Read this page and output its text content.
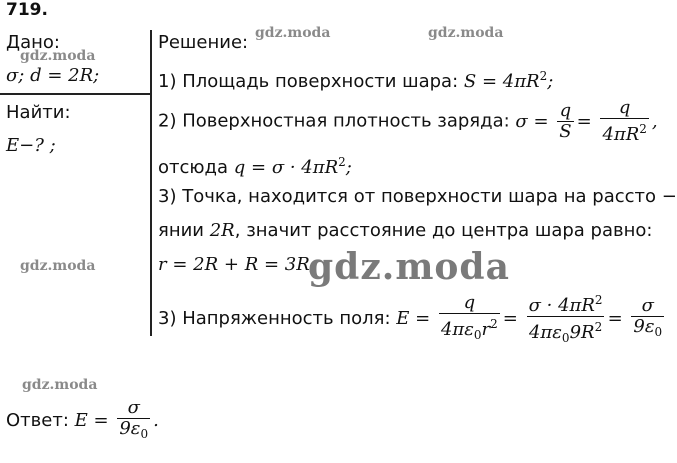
719.
Дано:
σ; d = 2R;
Найти:
E−? ;
Решение:
1) Площадь поверхности шара: $S = 4\pi R^2$;
2) Поверхностная плотность заряда: $\sigma = \frac{q}{S} = \frac{q}{4\pi R^2}$ ,
отсюда $q = \sigma \cdot 4\pi R^2$;
3) Точка, находится от поверхности шара на расстo −
янии 2R, значит расстояние до центра шара равно:
r = 2R + R = 3R;
3) Напряженность поля: $E = \frac{q}{4\pi\varepsilon_0r^2} = \frac{\sigma \cdot 4\pi R^2}{4\pi\varepsilon_09R^2} = \frac{\sigma}{9\varepsilon_0}$
Ответ: $E = \frac{\sigma}{9\varepsilon_0}$ .
gdz.moda
gdz.moda	gdz.moda
gdz.moda	gdz.moda
gdz.moda
